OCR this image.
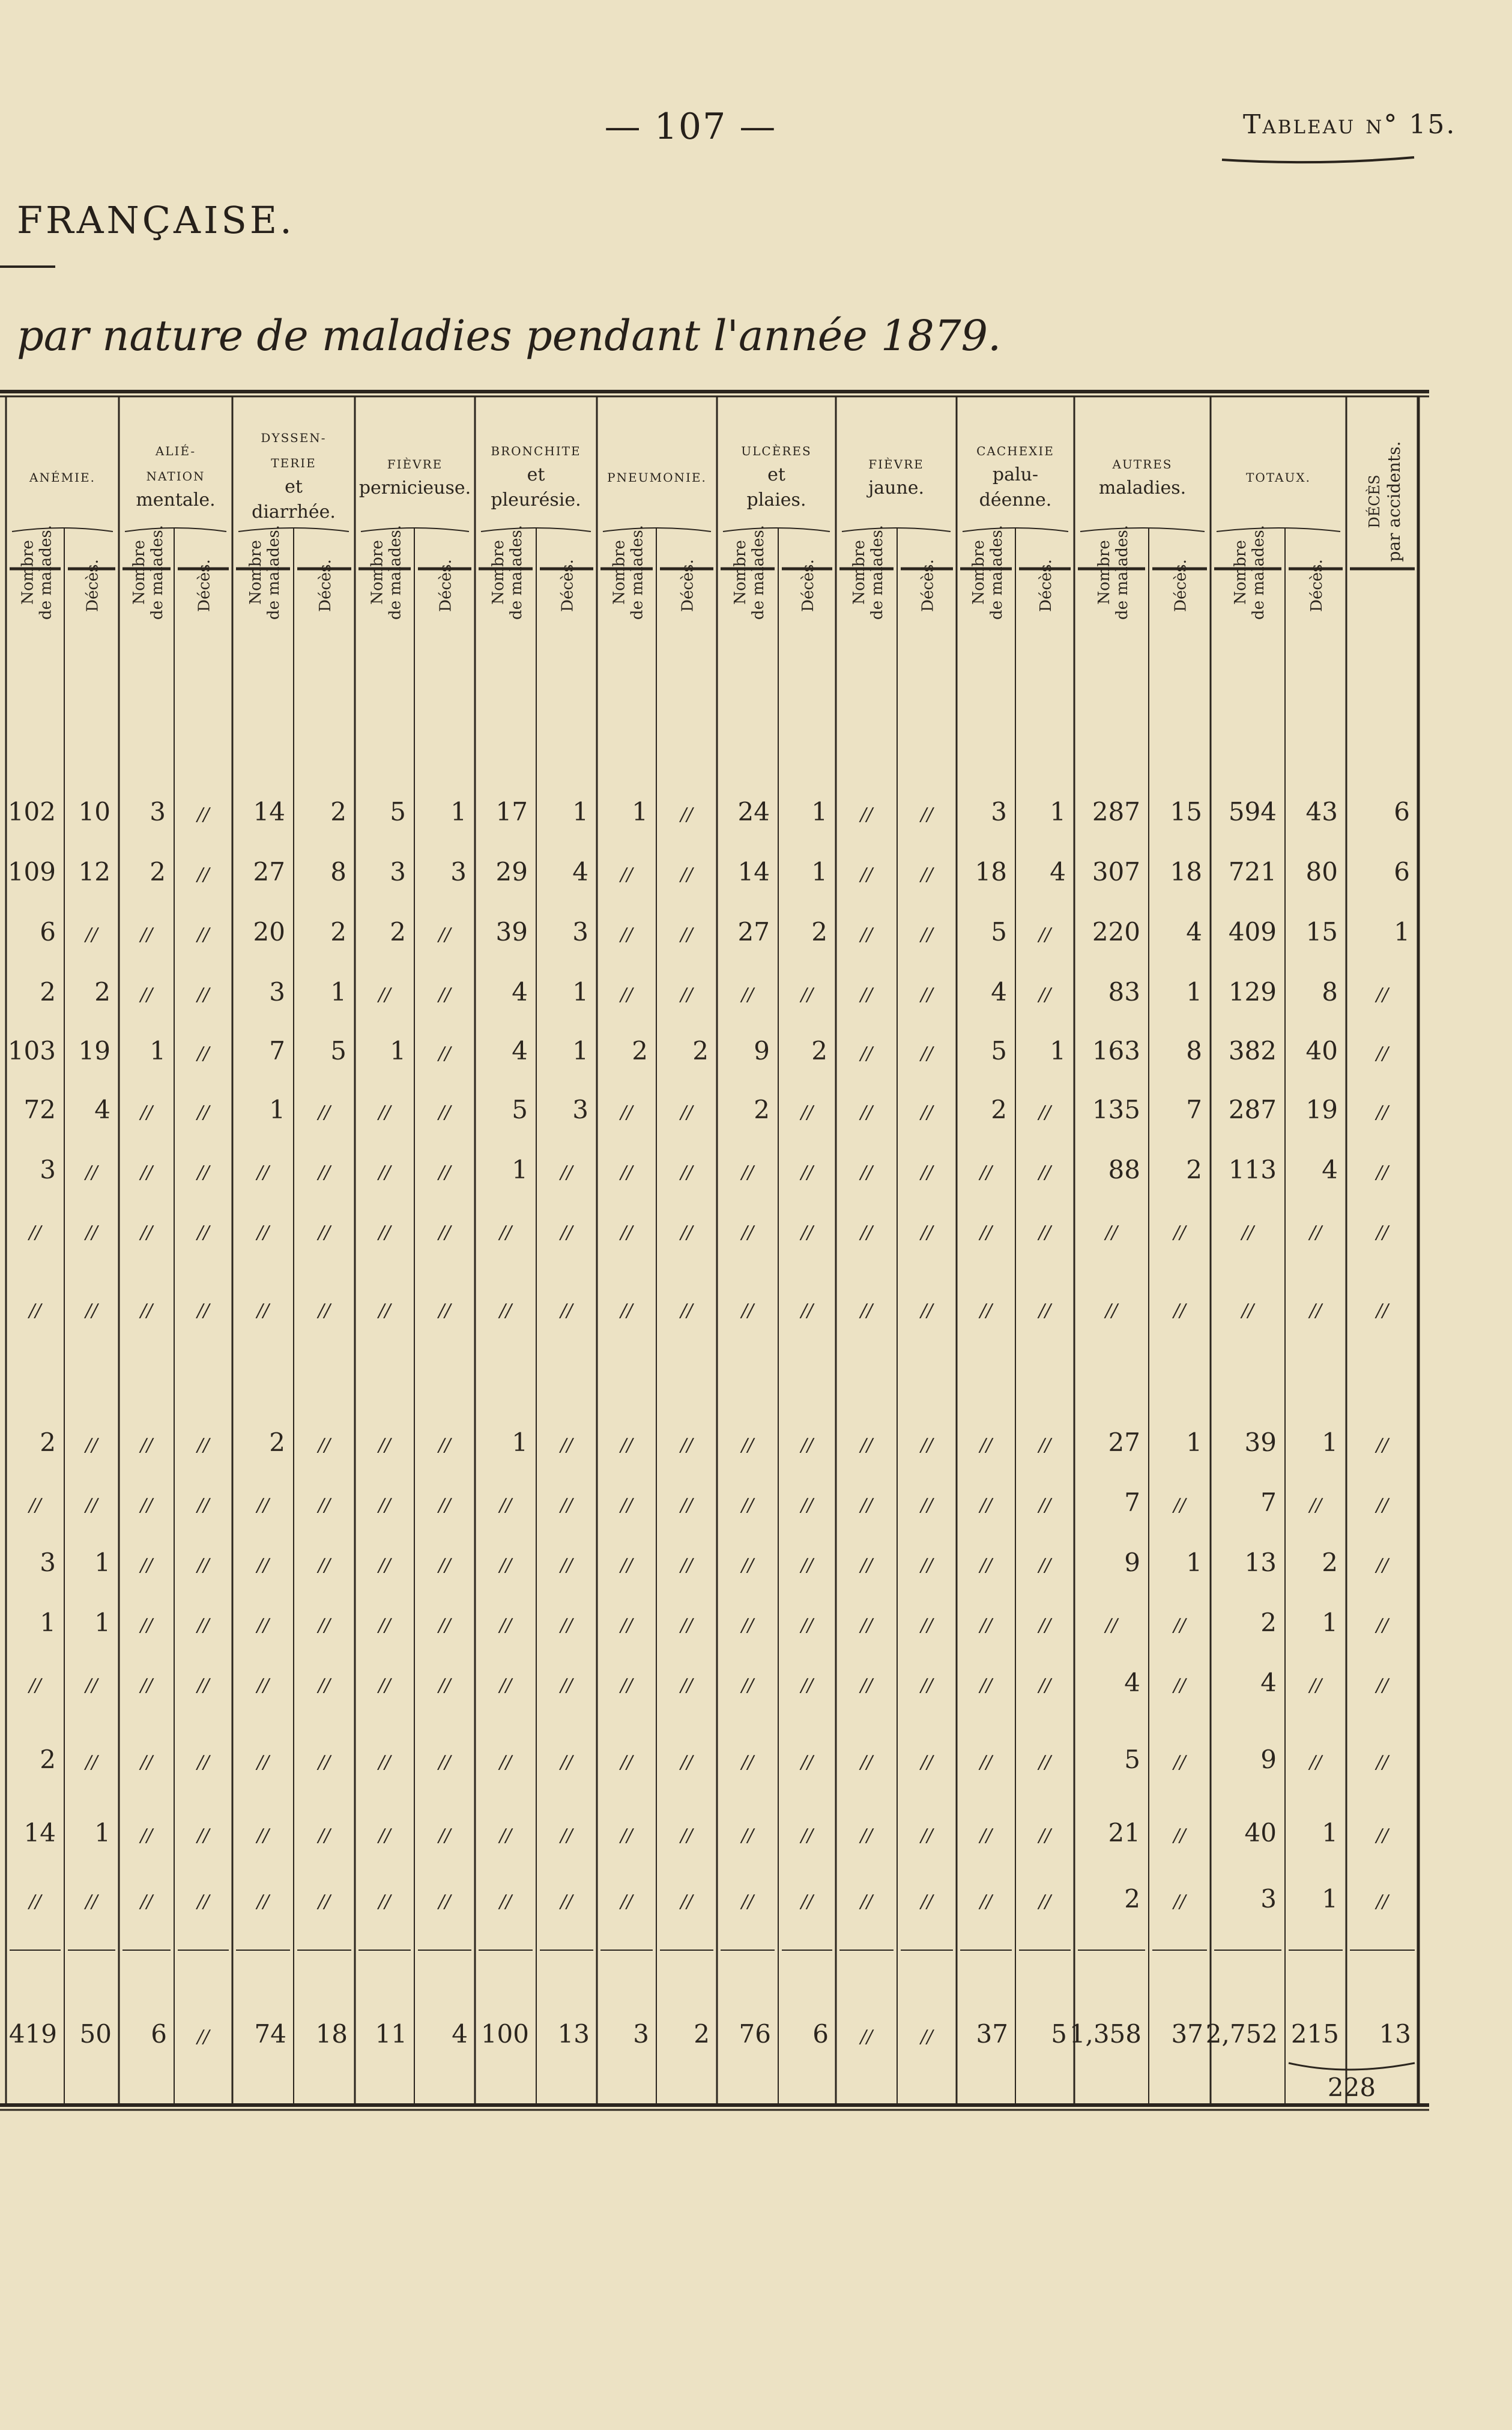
— 107 —	Tableau n° 15.
FRANÇAISE.
par nature de maladies pendant l'année 1879.
ANÉMIE.
Nombre de malades. Décès.
ALIÉ-
NATION
mentale.
Nombre de malades. Décès.
DYSSEN-
TERIE
et
diarrhée.
Nombre de malades. Décès.
FIÈVRE
pernicieuse.
Nombre de malades. Décès.
BRONCHITE
et
pleurésie.
Nombre de malades. Décès.
PNEUMONIE.
Nombre de malades. Décès.
ULCÈRES
et
plaies.
Nombre de malades. Décès.
FIÈVRE
jaune.
Nombre de malades. Décès.
CACHEXIE
palu-
déenne.
Nombre de malades. Décès.
AUTRES
maladies.
Nombre de malades.	Décès.
TOTAUX.
Nombre de malades.	Décès.
DÉCÈS par accidents.
102 10 3 // 14 2 5 1 17 1 1 // 24 1 //	// 3 1 287 15 594 43 6
109 12 2 // 27 8 3 3 29 4 //	// 14 1 //	// 18 4 307 18 721 80 6
6 // // // 20 2 2 // 39 3 //	// 27 2 //	// 5 // 220 4 409 15 1
2 2 // // 3 1 //	// 4 1 //	//	//	//	//	// 4 // 83 1 129 8 //
103 19 1 // 7 5 1 // 4 1 2 2 9 2 //	// 5 1 163 8 382 40 //
72 4 // // 1 //	//	// 5 3 //	// 2 //	//	// 2 // 135 7 287 19 //
3 // // //	//	//	//	// 1 //	//	//	//	//	//	//	//	// 88 2 113 4 //
// // // //	//	//	//	//	//	//	//	//	//	//	//	//	//	//	//	//	//	//	//
// // // //	//	//	//	//	//	//	//	//	//	//	//	//	//	//	//	//	//	//	//
2 // // // 2 //	//	// 1 //	//	//	//	//	//	//	//	// 27 1 39 1 //
// // // //	//	//	//	//	//	//	//	//	//	//	//	//	//	//	7 //	7 //	//
3 1 // //	//	//	//	//	//	//	//	//	//	//	//	//	//	//	9 1 13 2 //
1 1 // //	//	//	//	//	//	//	//	//	//	//	//	//	//	//	//	//	2 1 //
// // // //	//	//	//	//	//	//	//	//	//	//	//	//	//	//	4 //	4 //	//
2 // // //	//	//	//	//	//	//	//	//	//	//	//	//	//	//	5 //	9 //	//
14 1 // //	//	//	//	//	//	//	//	//	//	//	//	//	//	// 21 // 40 1 //
// // // //	//	//	//	//	//	//	//	//	//	//	//	//	//	//	2 //	3 1 //
419 50 6 // 74 18 11 4 100 13 3 2 76 6 //	// 37 5 1,358 37 2,752 215 13
228
